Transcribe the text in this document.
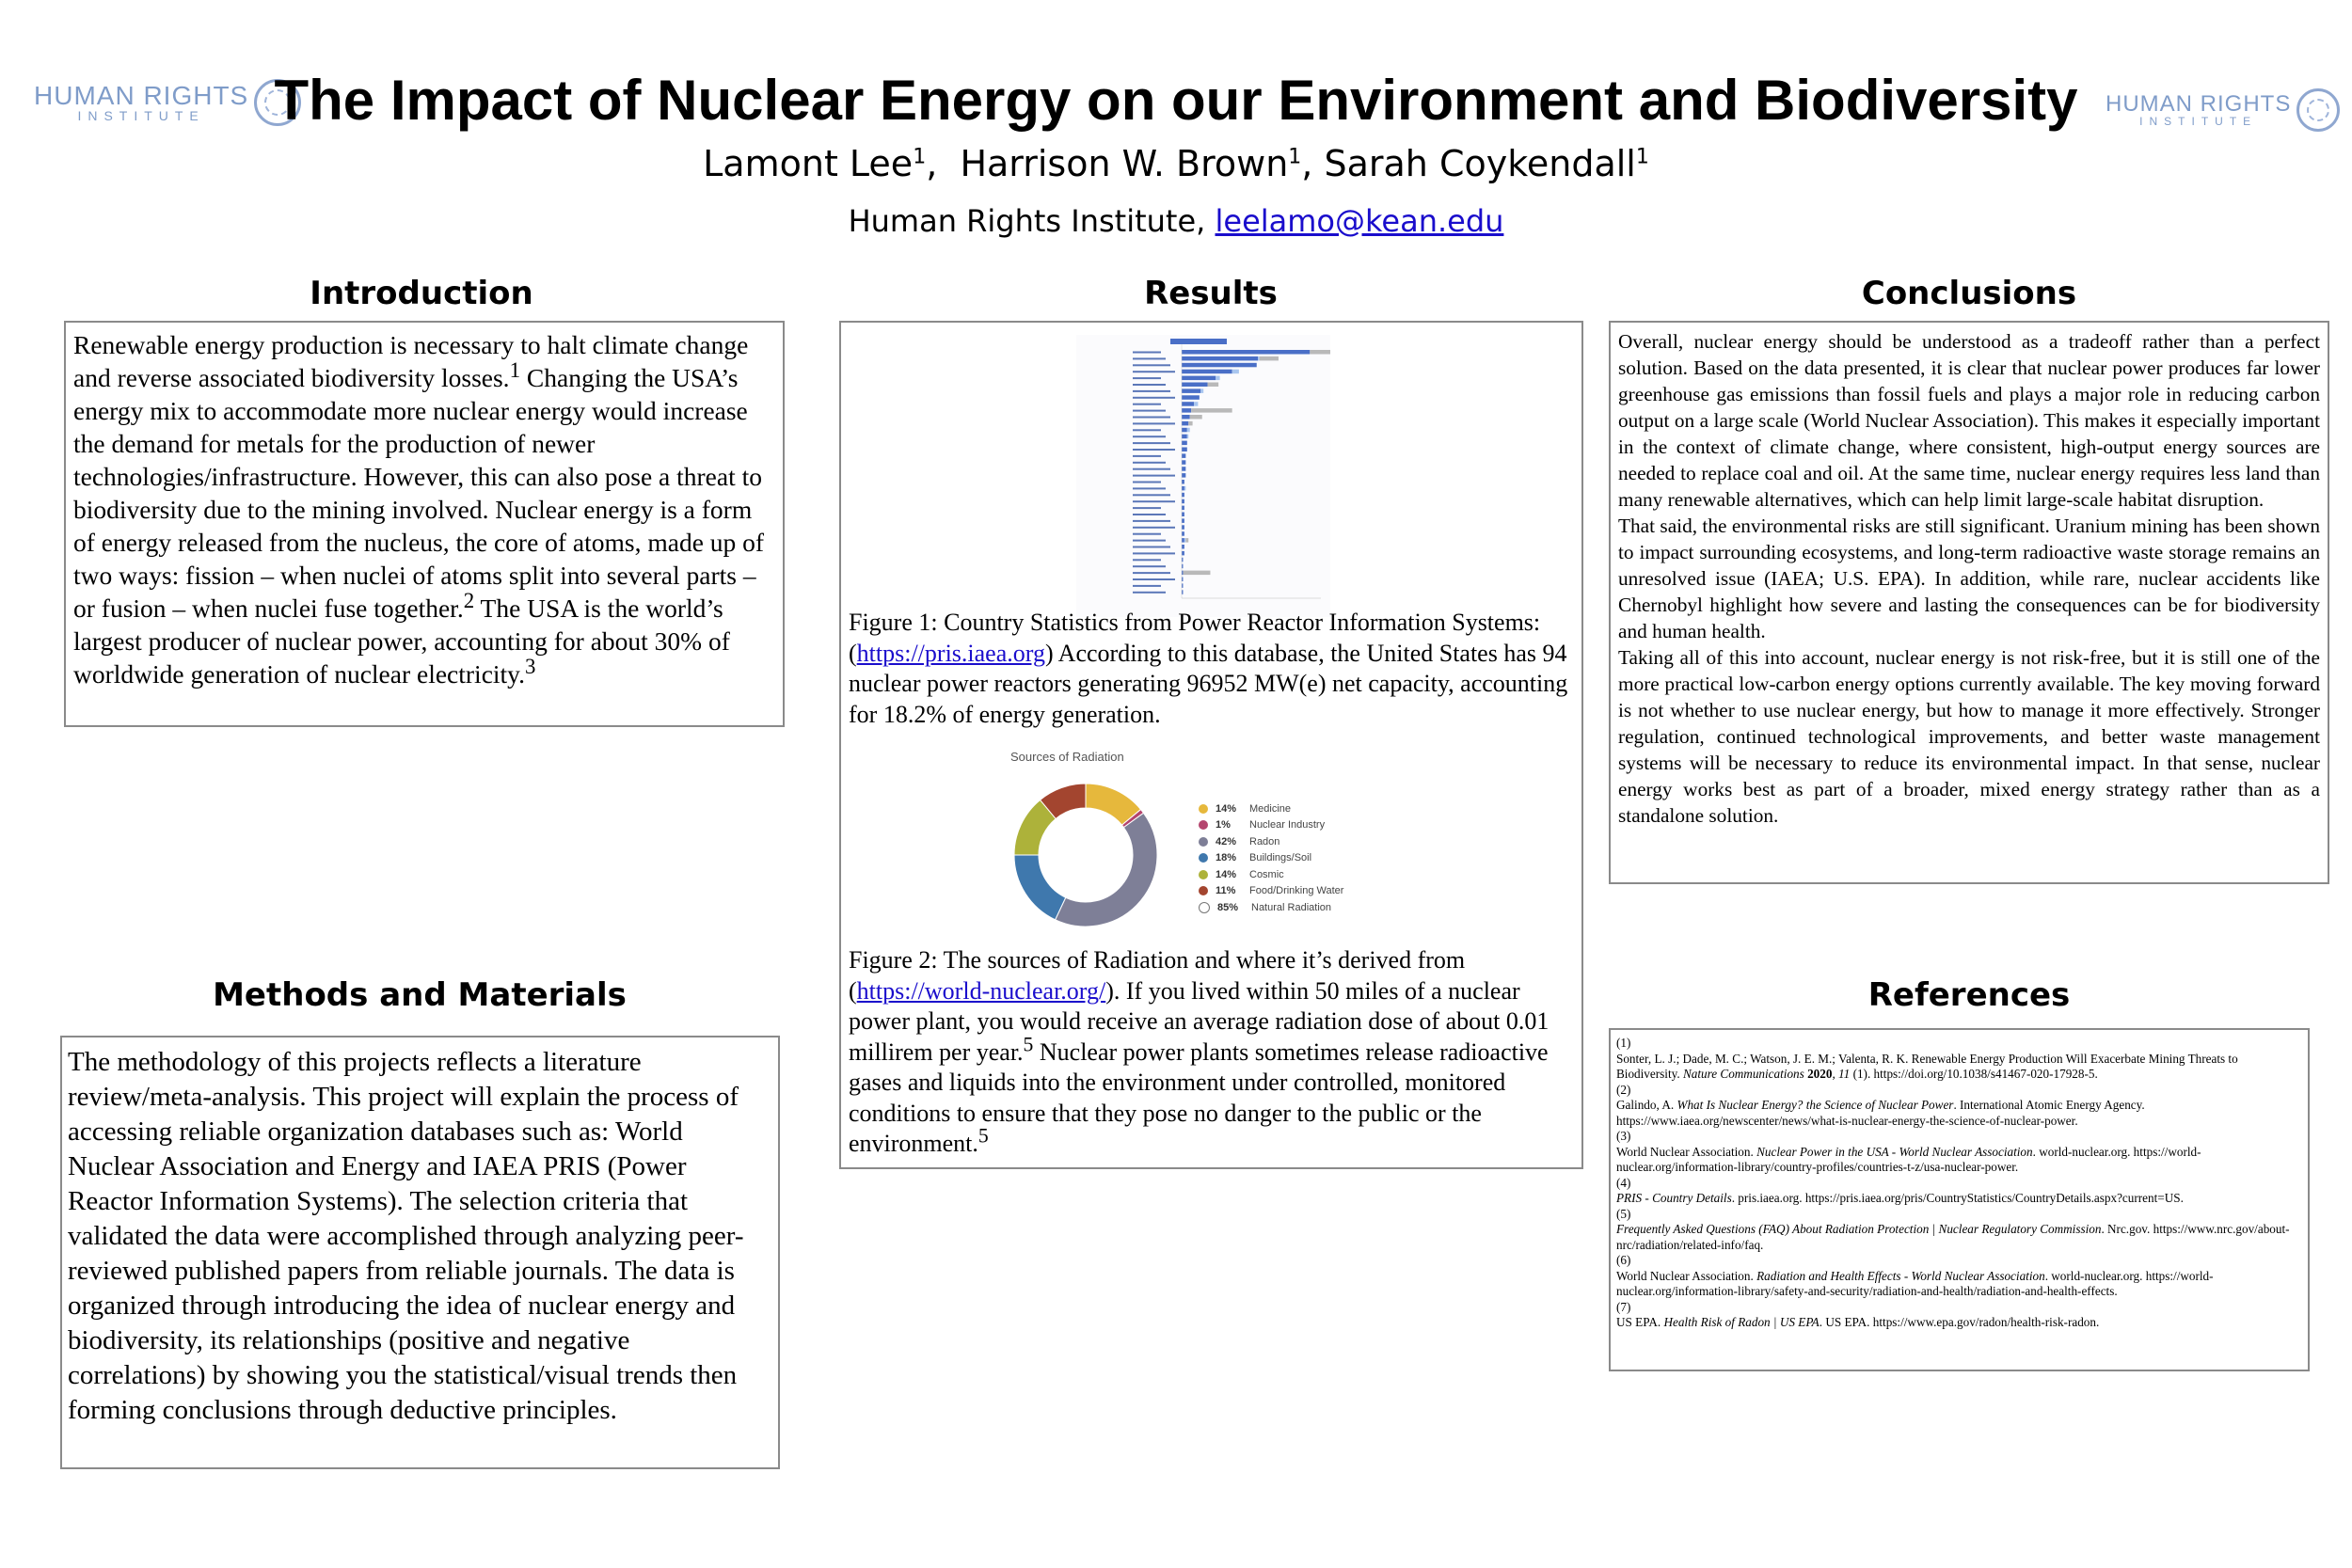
HUMAN RIGHTS
INSTITUTE	HUMAN RIGHTS
INSTITUTE
The Impact of Nuclear Energy on our Environment and Biodiversity
Lamont Lee$^1$,  Harrison W. Brown$^1$, Sarah Coykendall$^1$
Human Rights Institute, leelamo@kean.edu
Introduction
Renewable energy production is necessary to halt climate change and reverse associated biodiversity losses.$^1$ Changing the USA’s energy mix to accommodate more nuclear energy would increase the demand for metals for the production of newer technologies/infrastructure. However, this can also pose a threat to biodiversity due to the mining involved. Nuclear energy is a form of energy released from the nucleus, the core of atoms, made up of two ways: fission – when nuclei of atoms split into several parts – or fusion – when nuclei fuse together.$^2$ The USA is the world’s largest producer of nuclear power, accounting for about 30% of worldwide generation of nuclear electricity.$^3$
Methods and Materials
The methodology of this projects reflects a literature review/meta-analysis. This project will explain the process of accessing reliable organization databases such as: World Nuclear Association and Energy and IAEA PRIS (Power Reactor Information Systems). The selection criteria that validated the data were accomplished through analyzing peer-reviewed published papers from reliable journals. The data is organized through introducing the idea of nuclear energy and biodiversity, its relationships (positive and negative correlations) by showing you the statistical/visual trends then forming conclusions through deductive principles.
Results
Figure 1: Country Statistics from Power Reactor Information Systems: (https://pris.iaea.org) According to this database, the United States has 94 nuclear power reactors generating 96952 MW(e) net capacity, accounting for 18.2% of energy generation.
Sources of Radiation
14%	Medicine
1%	Nuclear Industry
42%	Radon
18%	Buildings/Soil
14%	Cosmic
11%	Food/Drinking Water
85%	Natural Radiation
Figure 2: The sources of Radiation and where it’s derived from (https://world-nuclear.org/). If you lived within 50 miles of a nuclear power plant, you would receive an average radiation dose of about 0.01 millirem per year.$^5$ Nuclear power plants sometimes release radioactive gases and liquids into the environment under controlled, monitored conditions to ensure that they pose no danger to the public or the environment.$^5$
Conclusions

Overall, nuclear energy should be understood as a tradeoff rather than a perfect solution. Based on the data presented, it is clear that nuclear power produces far lower greenhouse gas emissions than fossil fuels and plays a major role in reducing carbon output on a large scale (World Nuclear Association). This makes it especially important in the context of climate change, where consistent, high-output energy sources are needed to replace coal and oil. At the same time, nuclear energy requires less land than many renewable alternatives, which can help limit large-scale habitat disruption.

That said, the environmental risks are still significant. Uranium mining has been shown to impact surrounding ecosystems, and long-term radioactive waste storage remains an unresolved issue (IAEA; U.S. EPA). In addition, while rare, nuclear accidents like Chernobyl highlight how severe and lasting the consequences can be for biodiversity and human health.

Taking all of this into account, nuclear energy is not risk-free, but it is still one of the more practical low-carbon energy options currently available. The key moving forward is not whether to use nuclear energy, but how to manage it more effectively. Stronger regulation, continued technological improvements, and better waste management systems will be necessary to reduce its environmental impact. In that sense, nuclear energy works best as part of a broader, mixed energy strategy rather than as a standalone solution.

References
(1)
Sonter, L. J.; Dade, M. C.; Watson, J. E. M.; Valenta, R. K. Renewable Energy Production Will Exacerbate Mining Threats to Biodiversity. Nature Communications 2020, 11 (1). https://doi.org/10.1038/s41467-020-17928-5.
(2)
Galindo, A. What Is Nuclear Energy? the Science of Nuclear Power. International Atomic Energy Agency. https://www.iaea.org/newscenter/news/what-is-nuclear-energy-the-science-of-nuclear-power.
(3)
World Nuclear Association. Nuclear Power in the USA - World Nuclear Association. world-nuclear.org. https://world-nuclear.org/information-library/country-profiles/countries-t-z/usa-nuclear-power.
(4)
PRIS - Country Details. pris.iaea.org. https://pris.iaea.org/pris/CountryStatistics/CountryDetails.aspx?current=US.
(5)
Frequently Asked Questions (FAQ) About Radiation Protection | Nuclear Regulatory Commission. Nrc.gov. https://www.nrc.gov/about-nrc/radiation/related-info/faq.
(6)
World Nuclear Association. Radiation and Health Effects - World Nuclear Association. world-nuclear.org. https://world-nuclear.org/information-library/safety-and-security/radiation-and-health/radiation-and-health-effects.
(7)
US EPA. Health Risk of Radon | US EPA. US EPA. https://www.epa.gov/radon/health-risk-radon.
